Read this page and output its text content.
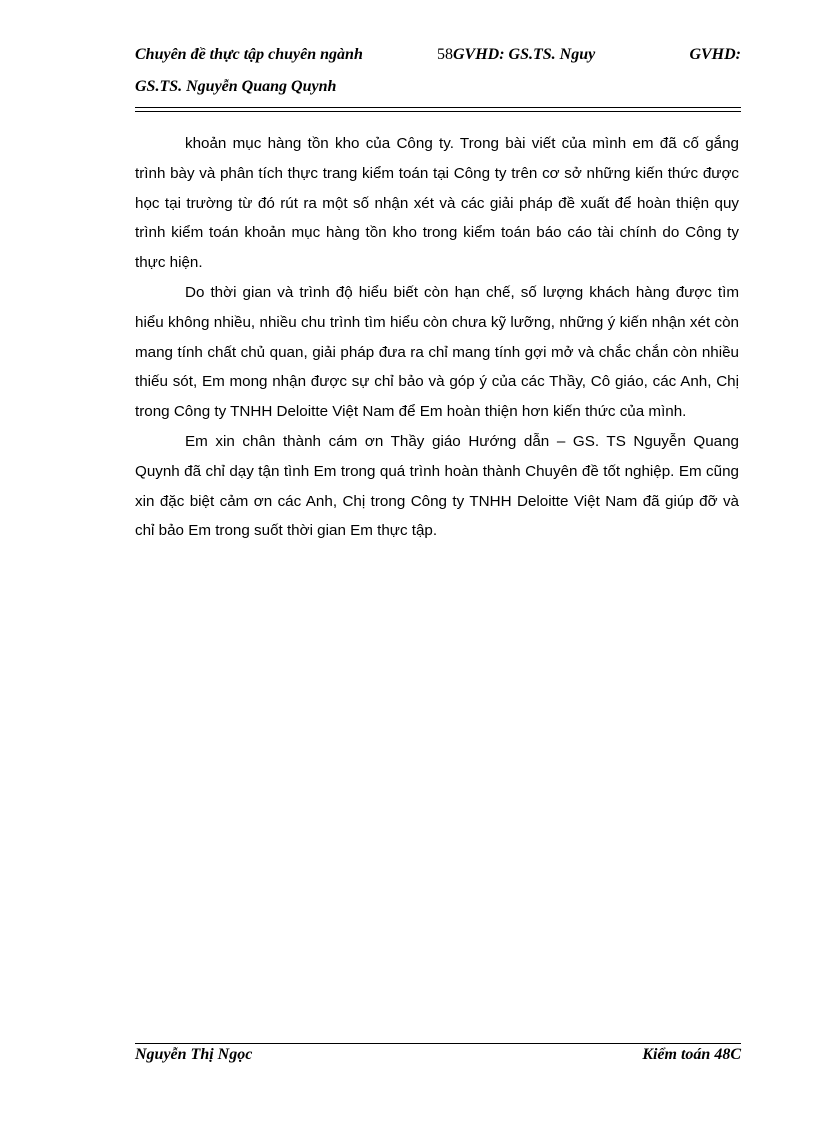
Chuyên đề thực tập chuyên ngành	58 GVHD: GS.TS. Nguy	GVHD:
GS.TS. Nguyễn Quang Quynh

khoản mục hàng tồn kho của Công ty. Trong bài viết của mình em đã cố gắng trình bày và phân tích thực trang kiểm toán tại Công ty trên cơ sở những kiến thức được học tại trường từ đó rút ra một số nhận xét và các giải pháp đề xuất để hoàn thiện quy trình kiểm toán khoản mục hàng tồn kho trong kiểm toán báo cáo tài chính do Công ty thực hiện.

Do thời gian và trình độ hiểu biết còn hạn chế, số lượng khách hàng được tìm hiểu không nhiều, nhiều chu trình tìm hiểu còn chưa kỹ lưỡng, những ý kiến nhận xét còn mang tính chất chủ quan, giải pháp đưa ra chỉ mang tính gợi mở và chắc chắn còn nhiều thiếu sót, Em mong nhận được sự chỉ bảo và góp ý của các Thầy, Cô giáo, các Anh, Chị trong Công ty TNHH Deloitte Việt Nam để Em hoàn thiện hơn kiến thức của mình.

Em xin chân thành cám ơn Thầy giáo Hướng dẫn – GS. TS Nguyễn Quang Quynh đã chỉ dạy tận tình Em trong quá trình hoàn thành Chuyên đề tốt nghiệp. Em cũng xin đặc biệt cảm ơn các Anh, Chị trong Công ty TNHH Deloitte Việt Nam đã giúp đỡ và chỉ bảo Em trong suốt thời gian Em thực tập.

Nguyễn Thị Ngọc	Kiểm toán 48C
